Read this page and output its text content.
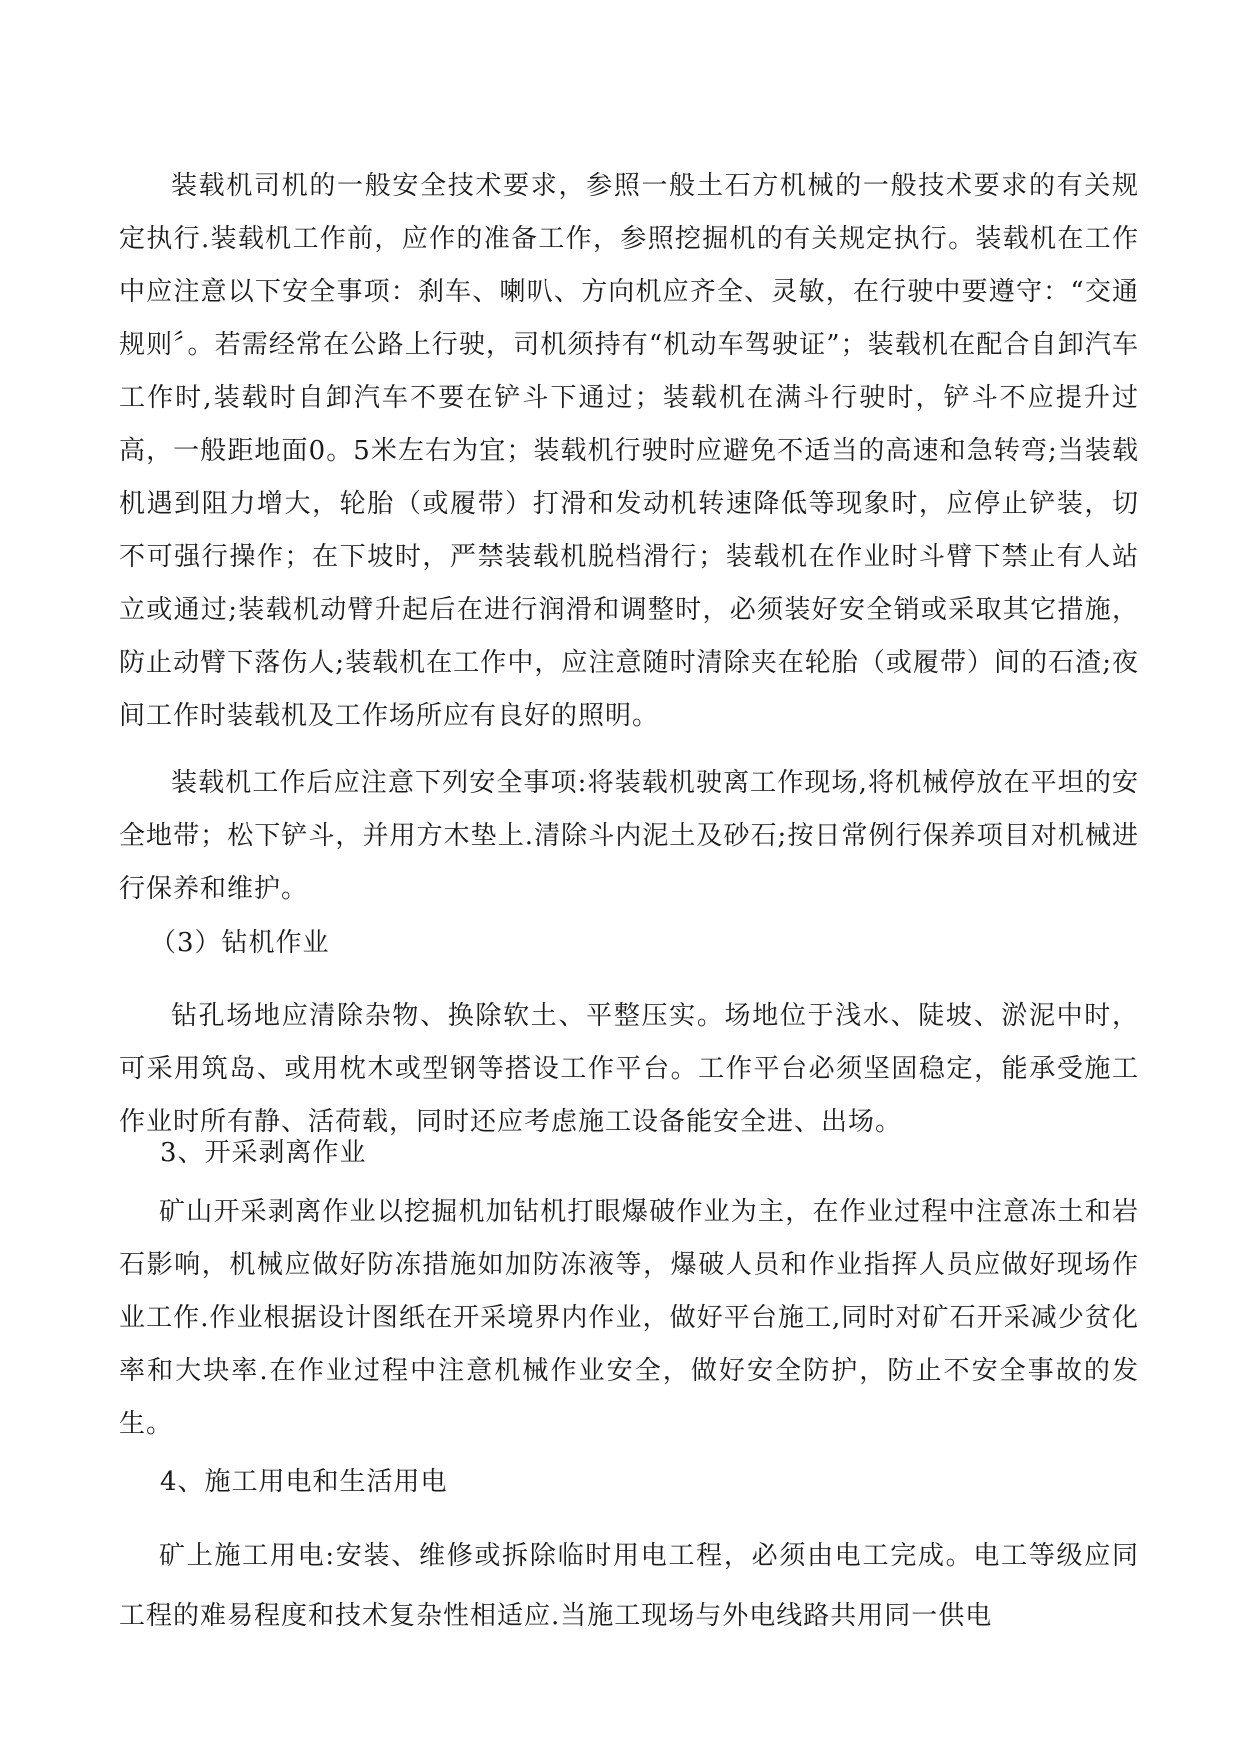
装载机司机的一般安全技术要求，参照一般土石方机械的一般技术要求的有关规定执行.装载机工作前，应作的准备工作，参照挖掘机的有关规定执行。装载机在工作中应注意以下安全事项：刹车、喇叭、方向机应齐全、灵敏，在行驶中要遵守：“交通规则〞。若需经常在公路上行驶，司机须持有“机动车驾驶证”；装载机在配合自卸汽车工作时,装载时自卸汽车不要在铲斗下通过；装载机在满斗行驶时，铲斗不应提升过高，一般距地面0。5米左右为宜；装载机行驶时应避免不适当的高速和急转弯;当装载机遇到阻力增大，轮胎（或履带）打滑和发动机转速降低等现象时，应停止铲装，切不可强行操作；在下坡时，严禁装载机脱档滑行；装载机在作业时斗臂下禁止有人站立或通过;装载机动臂升起后在进行润滑和调整时，必须装好安全销或采取其它措施，防止动臂下落伤人;装载机在工作中，应注意随时清除夹在轮胎（或履带）间的石渣;夜间工作时装载机及工作场所应有良好的照明。

装载机工作后应注意下列安全事项:将装载机驶离工作现场,将机械停放在平坦的安全地带；松下铲斗，并用方木垫上.清除斗内泥土及砂石;按日常例行保养项目对机械进行保养和维护。

（3）钻机作业

钻孔场地应清除杂物、换除软土、平整压实。场地位于浅水、陡坡、淤泥中时，可采用筑岛、或用枕木或型钢等搭设工作平台。工作平台必须坚固稳定，能承受施工作业时所有静、活荷载，同时还应考虑施工设备能安全进、出场。

3、开采剥离作业

矿山开采剥离作业以挖掘机加钻机打眼爆破作业为主，在作业过程中注意冻土和岩石影响，机械应做好防冻措施如加防冻液等，爆破人员和作业指挥人员应做好现场作业工作.作业根据设计图纸在开采境界内作业，做好平台施工,同时对矿石开采减少贫化率和大块率.在作业过程中注意机械作业安全，做好安全防护，防止不安全事故的发生。

4、施工用电和生活用电

矿上施工用电:安装、维修或拆除临时用电工程，必须由电工完成。电工等级应同工程的难易程度和技术复杂性相适应.当施工现场与外电线路共用同一供电
